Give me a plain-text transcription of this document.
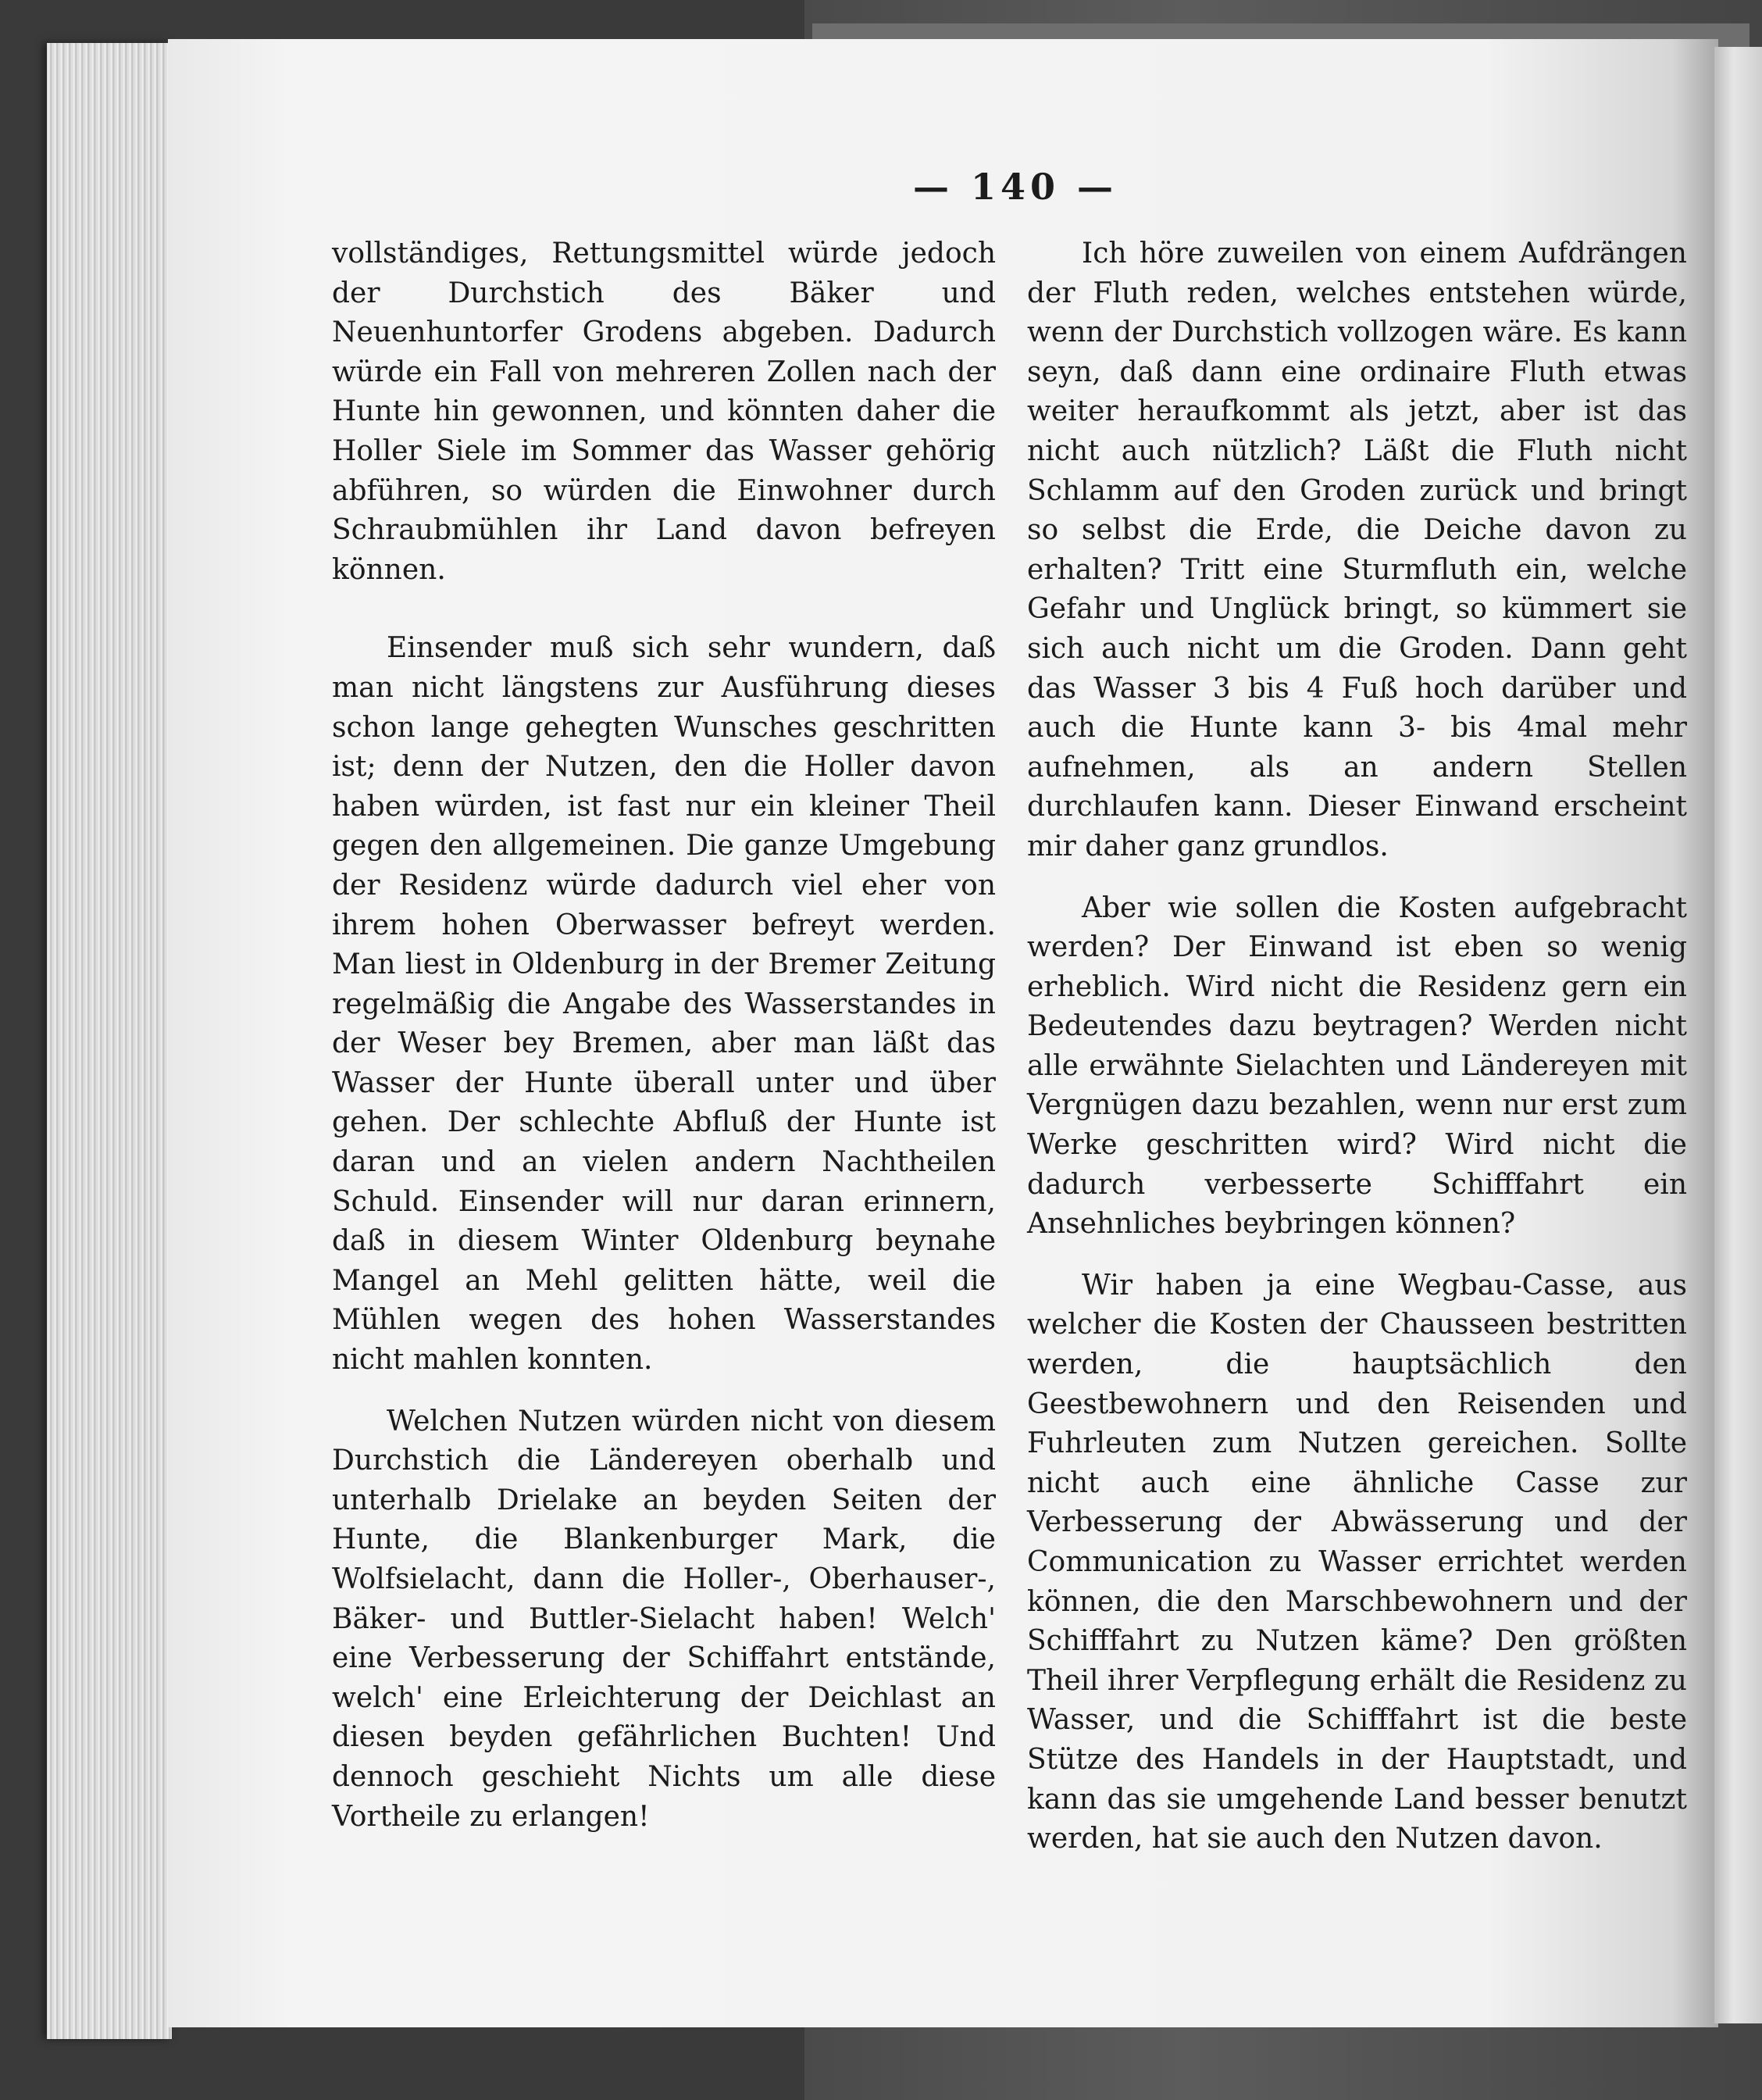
— 140 —

vollständiges, Rettungsmittel würde jedoch der Durchstich des Bäker und Neuenhuntorfer Grodens abgeben. Dadurch würde ein Fall von mehreren Zollen nach der Hunte hin gewonnen, und könnten daher die Holler Siele im Sommer das Wasser gehörig abführen, so würden die Einwohner durch Schraubmühlen ihr Land davon befreyen können.

Einsender muß sich sehr wundern, daß man nicht längstens zur Ausführung dieses schon lange gehegten Wunsches geschritten ist; denn der Nutzen, den die Holler davon haben würden, ist fast nur ein kleiner Theil gegen den allgemeinen. Die ganze Umgebung der Residenz würde dadurch viel eher von ihrem hohen Oberwasser befreyt werden. Man liest in Oldenburg in der Bremer Zeitung regelmäßig die Angabe des Wasserstandes in der Weser bey Bremen, aber man läßt das Wasser der Hunte überall unter und über gehen. Der schlechte Abfluß der Hunte ist daran und an vielen andern Nachtheilen Schuld. Einsender will nur daran erinnern, daß in diesem Winter Oldenburg beynahe Mangel an Mehl gelitten hätte, weil die Mühlen wegen des hohen Wasserstandes nicht mahlen konnten.

Welchen Nutzen würden nicht von diesem Durchstich die Ländereyen oberhalb und unterhalb Drielake an beyden Seiten der Hunte, die Blankenburger Mark, die Wolfsielacht, dann die Holler-, Oberhauser-, Bäker- und Buttler-Sielacht haben! Welch' eine Verbesserung der Schiffahrt entstände, welch' eine Erleichterung der Deichlast an diesen beyden gefährlichen Buchten! Und dennoch geschieht Nichts um alle diese Vortheile zu erlangen!

Ich höre zuweilen von einem Aufdrängen der Fluth reden, welches entstehen würde, wenn der Durchstich vollzogen wäre. Es kann seyn, daß dann eine ordinaire Fluth etwas weiter heraufkommt als jetzt, aber ist das nicht auch nützlich? Läßt die Fluth nicht Schlamm auf den Groden zurück und bringt so selbst die Erde, die Deiche davon zu erhalten? Tritt eine Sturmfluth ein, welche Gefahr und Unglück bringt, so kümmert sie sich auch nicht um die Groden. Dann geht das Wasser 3 bis 4 Fuß hoch darüber und auch die Hunte kann 3- bis 4mal mehr aufnehmen, als an andern Stellen durchlaufen kann. Dieser Einwand erscheint mir daher ganz grundlos.

Aber wie sollen die Kosten aufgebracht werden? Der Einwand ist eben so wenig erheblich. Wird nicht die Residenz gern ein Bedeutendes dazu beytragen? Werden nicht alle erwähnte Sielachten und Ländereyen mit Vergnügen dazu bezahlen, wenn nur erst zum Werke geschritten wird? Wird nicht die dadurch verbesserte Schifffahrt ein Ansehnliches beybringen können?

Wir haben ja eine Wegbau-Casse, aus welcher die Kosten der Chausseen bestritten werden, die hauptsächlich den Geestbewohnern und den Reisenden und Fuhrleuten zum Nutzen gereichen. Sollte nicht auch eine ähnliche Casse zur Verbesserung der Abwässerung und der Communication zu Wasser errichtet werden können, die den Marschbewohnern und der Schifffahrt zu Nutzen käme? Den größten Theil ihrer Verpflegung erhält die Residenz zu Wasser, und die Schifffahrt ist die beste Stütze des Handels in der Hauptstadt, und kann das sie umgehende Land besser benutzt werden, hat sie auch den Nutzen davon.
